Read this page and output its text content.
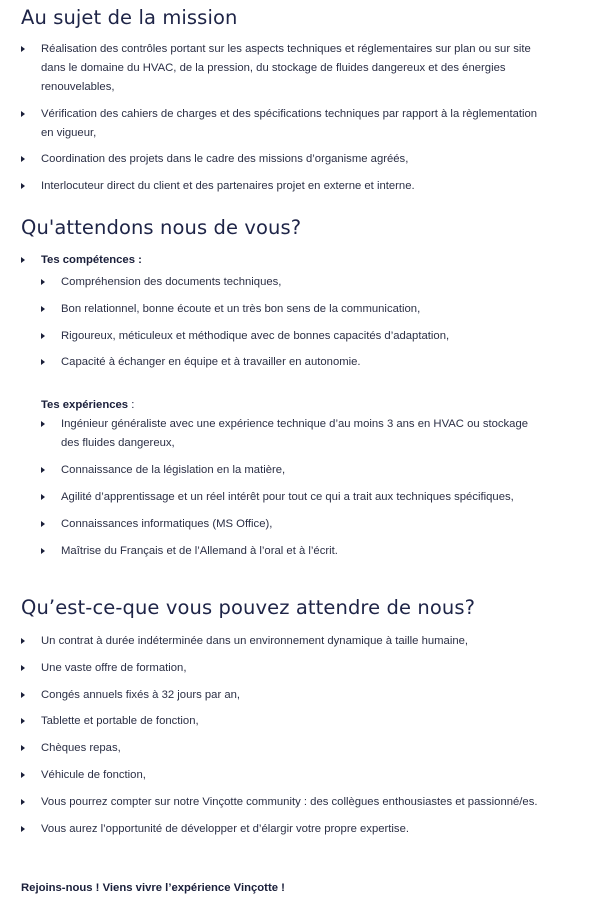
Au sujet de la mission
Réalisation des contrôles portant sur les aspects techniques et réglementaires sur plan ou sur site dans le domaine du HVAC, de la pression, du stockage de fluides dangereux et des énergies renouvelables,
Vérification des cahiers de charges et des spécifications techniques par rapport à la règlementation en vigueur,
Coordination des projets dans le cadre des missions d’organisme agréés,
Interlocuteur direct du client et des partenaires projet en externe et interne.
Qu'attendons nous de vous?
Tes compétences :
Compréhension des documents techniques,
Bon relationnel, bonne écoute et un très bon sens de la communication,
Rigoureux, méticuleux et méthodique avec de bonnes capacités d’adaptation,
Capacité à échanger en équipe et à travailler en autonomie.
Tes expériences :
Ingénieur généraliste avec une expérience technique d’au moins 3 ans en HVAC ou stockage des fluides dangereux,
Connaissance de la législation en la matière,
Agilité d’apprentissage et un réel intérêt pour tout ce qui a trait aux techniques spécifiques,
Connaissances informatiques (MS Office),
Maîtrise du Français et de l’Allemand à l’oral et à l’écrit.
Qu’est-ce-que vous pouvez attendre de nous?
Un contrat à durée indéterminée dans un environnement dynamique à taille humaine,
Une vaste offre de formation,
Congés annuels fixés à 32 jours par an,
Tablette et portable de fonction,
Chèques repas,
Véhicule de fonction,
Vous pourrez compter sur notre Vinçotte community : des collègues enthousiastes et passionné/es.
Vous aurez l’opportunité de développer et d’élargir votre propre expertise.
Rejoins-nous ! Viens vivre l’expérience Vinçotte !
